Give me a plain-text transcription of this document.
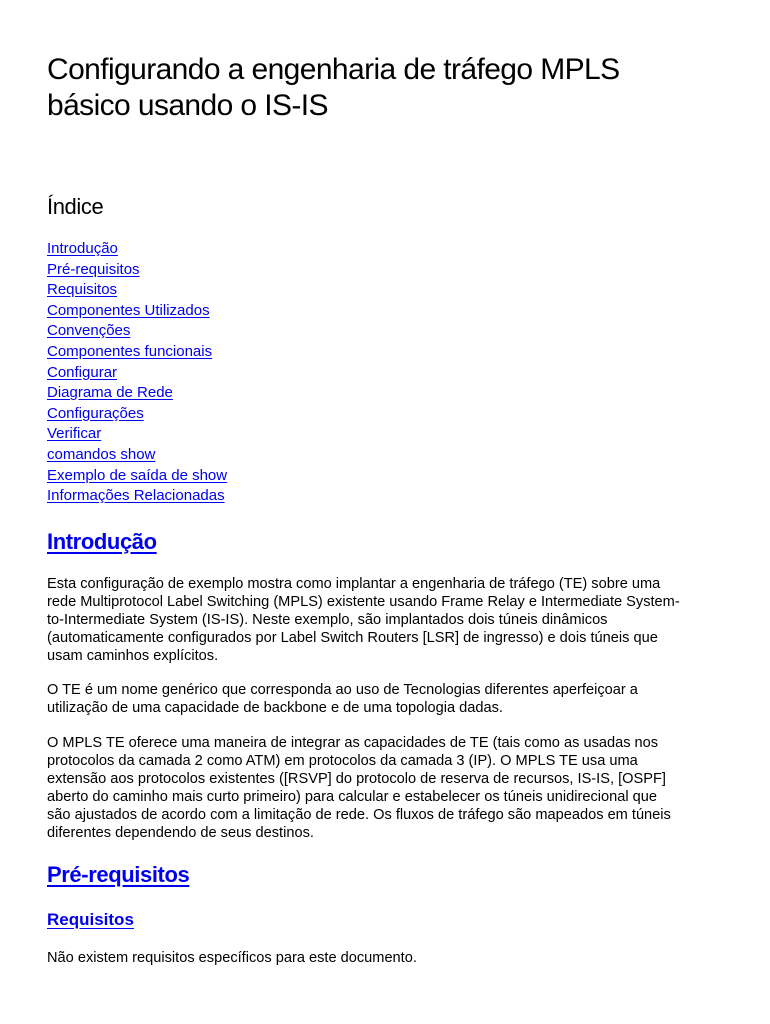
Configurando a engenharia de tráfego MPLS
básico usando o IS-IS
Índice
Introdução
Pré-requisitos
Requisitos
Componentes Utilizados
Convenções
Componentes funcionais
Configurar
Diagrama de Rede
Configurações
Verificar
comandos show
Exemplo de saída de show
Informações Relacionadas
Introdução

Esta configuração de exemplo mostra como implantar a engenharia de tráfego (TE) sobre uma
rede Multiprotocol Label Switching (MPLS) existente usando Frame Relay e Intermediate System-
to-Intermediate System (IS-IS). Neste exemplo, são implantados dois túneis dinâmicos
(automaticamente configurados por Label Switch Routers [LSR] de ingresso) e dois túneis que
usam caminhos explícitos.

O TE é um nome genérico que corresponda ao uso de Tecnologias diferentes aperfeiçoar a
utilização de uma capacidade de backbone e de uma topologia dadas.

O MPLS TE oferece uma maneira de integrar as capacidades de TE (tais como as usadas nos
protocolos da camada 2 como ATM) em protocolos da camada 3 (IP). O MPLS TE usa uma
extensão aos protocolos existentes ([RSVP] do protocolo de reserva de recursos, IS-IS, [OSPF]
aberto do caminho mais curto primeiro) para calcular e estabelecer os túneis unidirecional que
são ajustados de acordo com a limitação de rede. Os fluxos de tráfego são mapeados em túneis
diferentes dependendo de seus destinos.

Pré-requisitos
Requisitos

Não existem requisitos específicos para este documento.
